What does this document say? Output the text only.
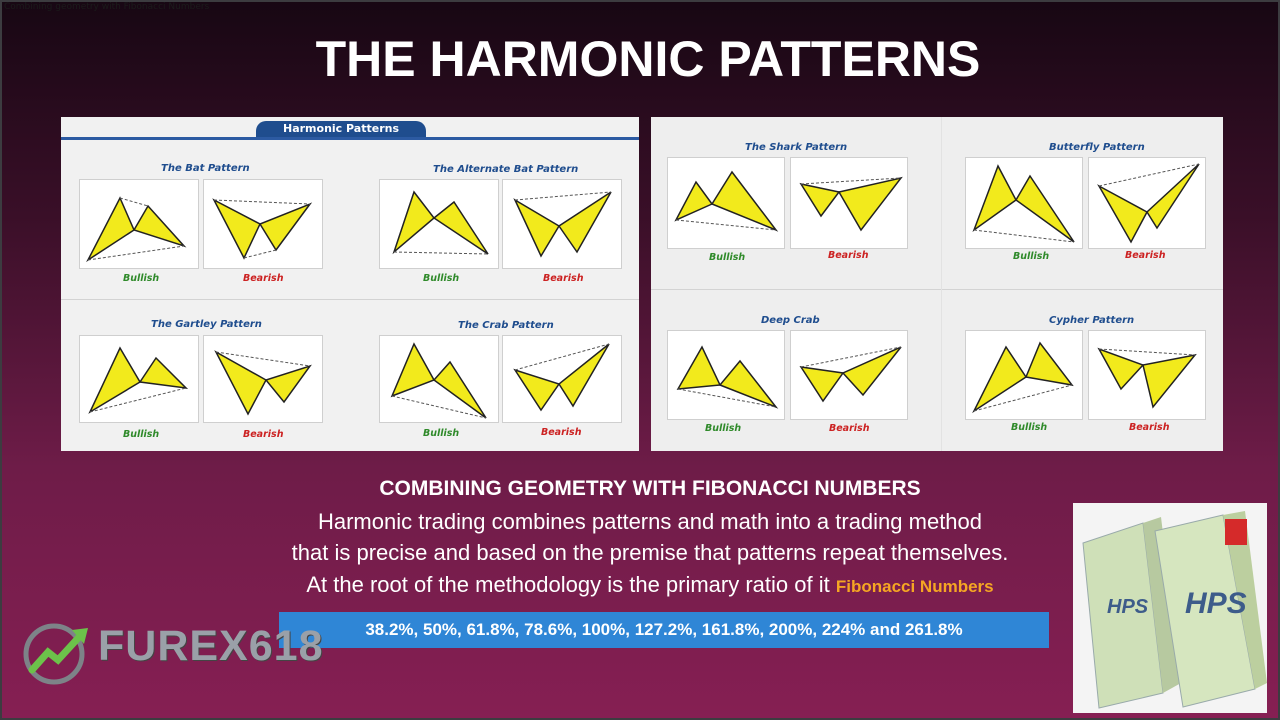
Combining geometry with Fibonacci Numbers
THE HARMONIC PATTERNS
Harmonic Patterns
The Bat Pattern	The Alternate Bat Pattern
The Gartley Pattern	The Crab Pattern
Bullish	Bearish	Bullish	Bearish
Bullish	Bearish	Bullish	Bearish
The Shark Pattern	Butterfly Pattern
Deep Crab	Cypher Pattern
Bullish	Bearish	Bullish	Bearish
Bullish	Bearish	Bullish	Bearish
COMBINING GEOMETRY WITH FIBONACCI NUMBERS
Harmonic trading combines patterns and math into a trading method
that is precise and based on the premise that patterns repeat themselves.
At the root of the methodology is the primary ratio of it Fibonacci Numbers
38.2%, 50%, 61.8%, 78.6%, 100%, 127.2%, 161.8%, 200%, 224% and 261.8%
FUREX618
HPS
HPS
